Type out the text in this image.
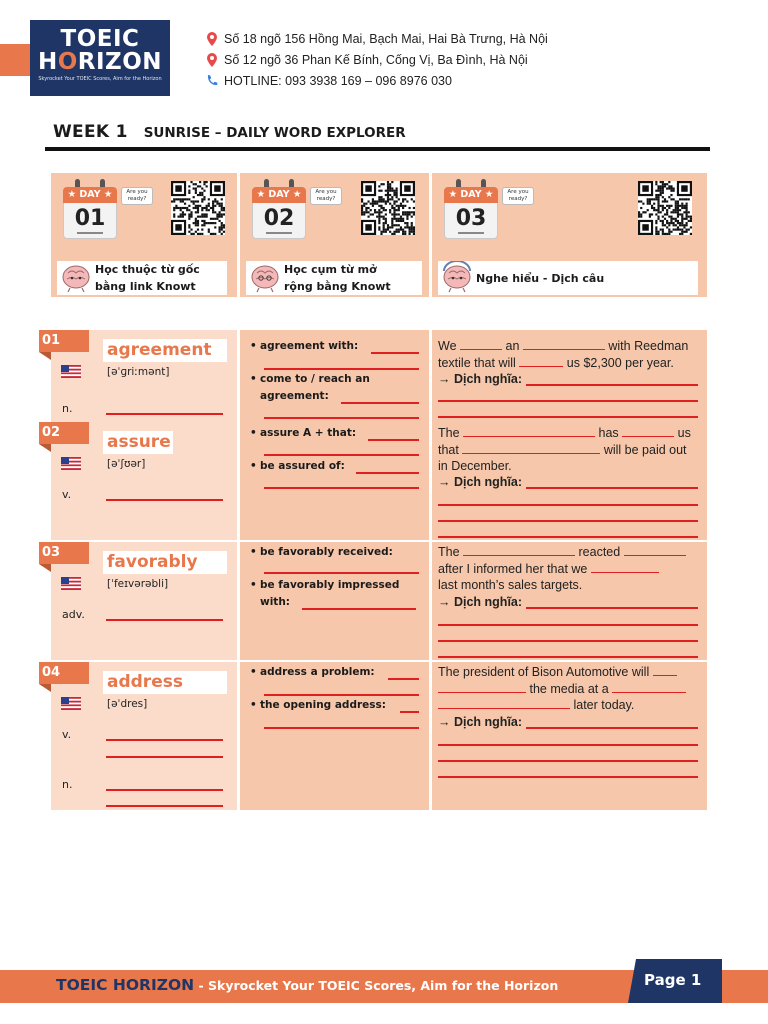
TOEIC
HORIZON
Skyrocket Your TOEIC Scores, Aim for the Horizon
Số 18 ngõ 156 Hồng Mai, Bạch Mai, Hai Bà Trưng, Hà Nội
Số 12 ngõ 36 Phan Kế Bính, Cống Vị, Ba Đình, Hà Nội
HOTLINE: 093 3938 169 – 096 8976 030
WEEK 1 SUNRISE – DAILY WORD EXPLORER
★ DAY ★
01
Are you
ready?
Học thuộc từ gốc
bằng link Knowt
★ DAY ★
02
Are you
ready?
Học cụm từ mở
rộng bằng Knowt
★ DAY ★
03
Are you
ready?
Nghe hiểu - Dịch câu
01	agreement
[əˈɡriːmənt]
n.
• agreement with:
• come to / reach an
agreement:
We	an	with Reedman
textile that will	us $2,300 per year.
→ Dịch nghĩa:
02	assure
[əˈʃʊər]
v.
• assure A + that:
• be assured of:
The	has	us
that	will be paid out
in December.
→ Dịch nghĩa:
03	favorably
[ˈfeɪvərəbli]
adv.
• be favorably received:
• be favorably impressed
with:
The	reacted
after I informed her that we
last month’s sales targets.
→ Dịch nghĩa:
04	address
[əˈdres]
v.
n.
• address a problem:
• the opening address:
The president of Bison Automotive will
the media at a
later today.
→ Dịch nghĩa:
TOEIC HORIZON - Skyrocket Your TOEIC Scores, Aim for the Horizon	Page 1
